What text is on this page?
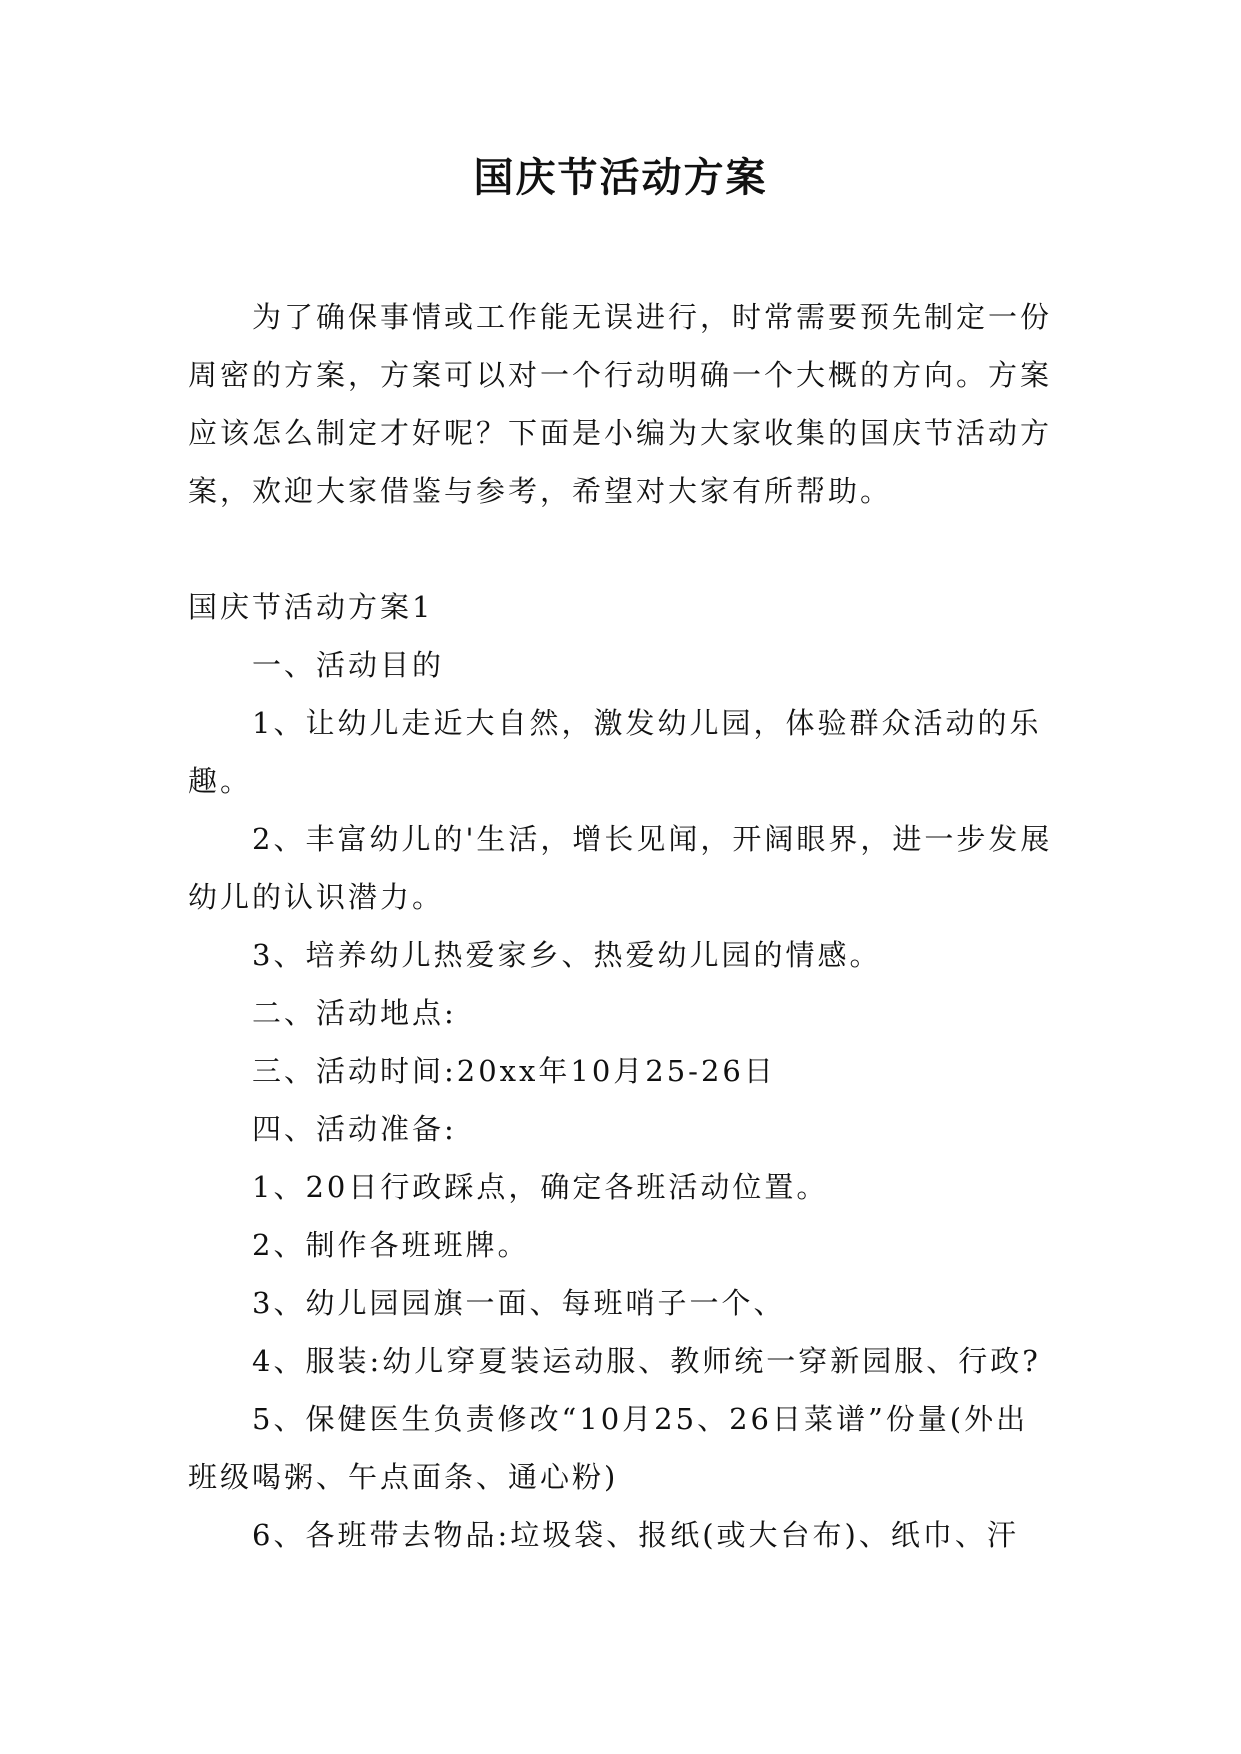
国庆节活动方案

为了确保事情或工作能无误进行，时常需要预先制定一份周密的方案，方案可以对一个行动明确一个大概的方向。方案应该怎么制定才好呢？下面是小编为大家收集的国庆节活动方案，欢迎大家借鉴与参考，希望对大家有所帮助。

国庆节活动方案1

一、活动目的

1、让幼儿走近大自然，激发幼儿园，体验群众活动的乐趣。

2、丰富幼儿的'生活，增长见闻，开阔眼界，进一步发展幼儿的认识潜力。

3、培养幼儿热爱家乡、热爱幼儿园的情感。

二、活动地点:

三、活动时间:20xx年10月25-26日

四、活动准备:

1、20日行政踩点，确定各班活动位置。

2、制作各班班牌。

3、幼儿园园旗一面、每班哨子一个、

4、服装:幼儿穿夏装运动服、教师统一穿新园服、行政?

5、保健医生负责修改“10月25、26日菜谱”份量(外出班级喝粥、午点面条、通心粉)

6、各班带去物品:垃圾袋、报纸(或大台布)、纸巾、汗
